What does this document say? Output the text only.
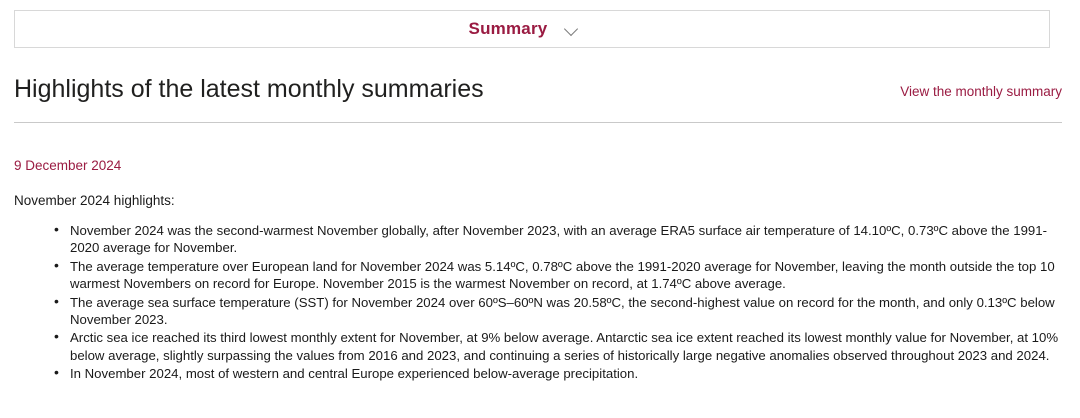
Summary
Highlights of the latest monthly summaries	View the monthly summary
9 December 2024

November 2024 highlights:

• November 2024 was the second-warmest November globally, after November 2023, with an average ERA5 surface air temperature of 14.10ºC, 0.73ºC above the 1991-2020 average for November.
• The average temperature over European land for November 2024 was 5.14ºC, 0.78ºC above the 1991-2020 average for November, leaving the month outside the top 10 warmest Novembers on record for Europe. November 2015 is the warmest November on record, at 1.74ºC above average.
• The average sea surface temperature (SST) for November 2024 over 60ºS–60ºN was 20.58ºC, the second-highest value on record for the month, and only 0.13ºC below November 2023.
• Arctic sea ice reached its third lowest monthly extent for November, at 9% below average. Antarctic sea ice extent reached its lowest monthly value for November, at 10% below average, slightly surpassing the values from 2016 and 2023, and continuing a series of historically large negative anomalies observed throughout 2023 and 2024.
• In November 2024, most of western and central Europe experienced below-average precipitation.
